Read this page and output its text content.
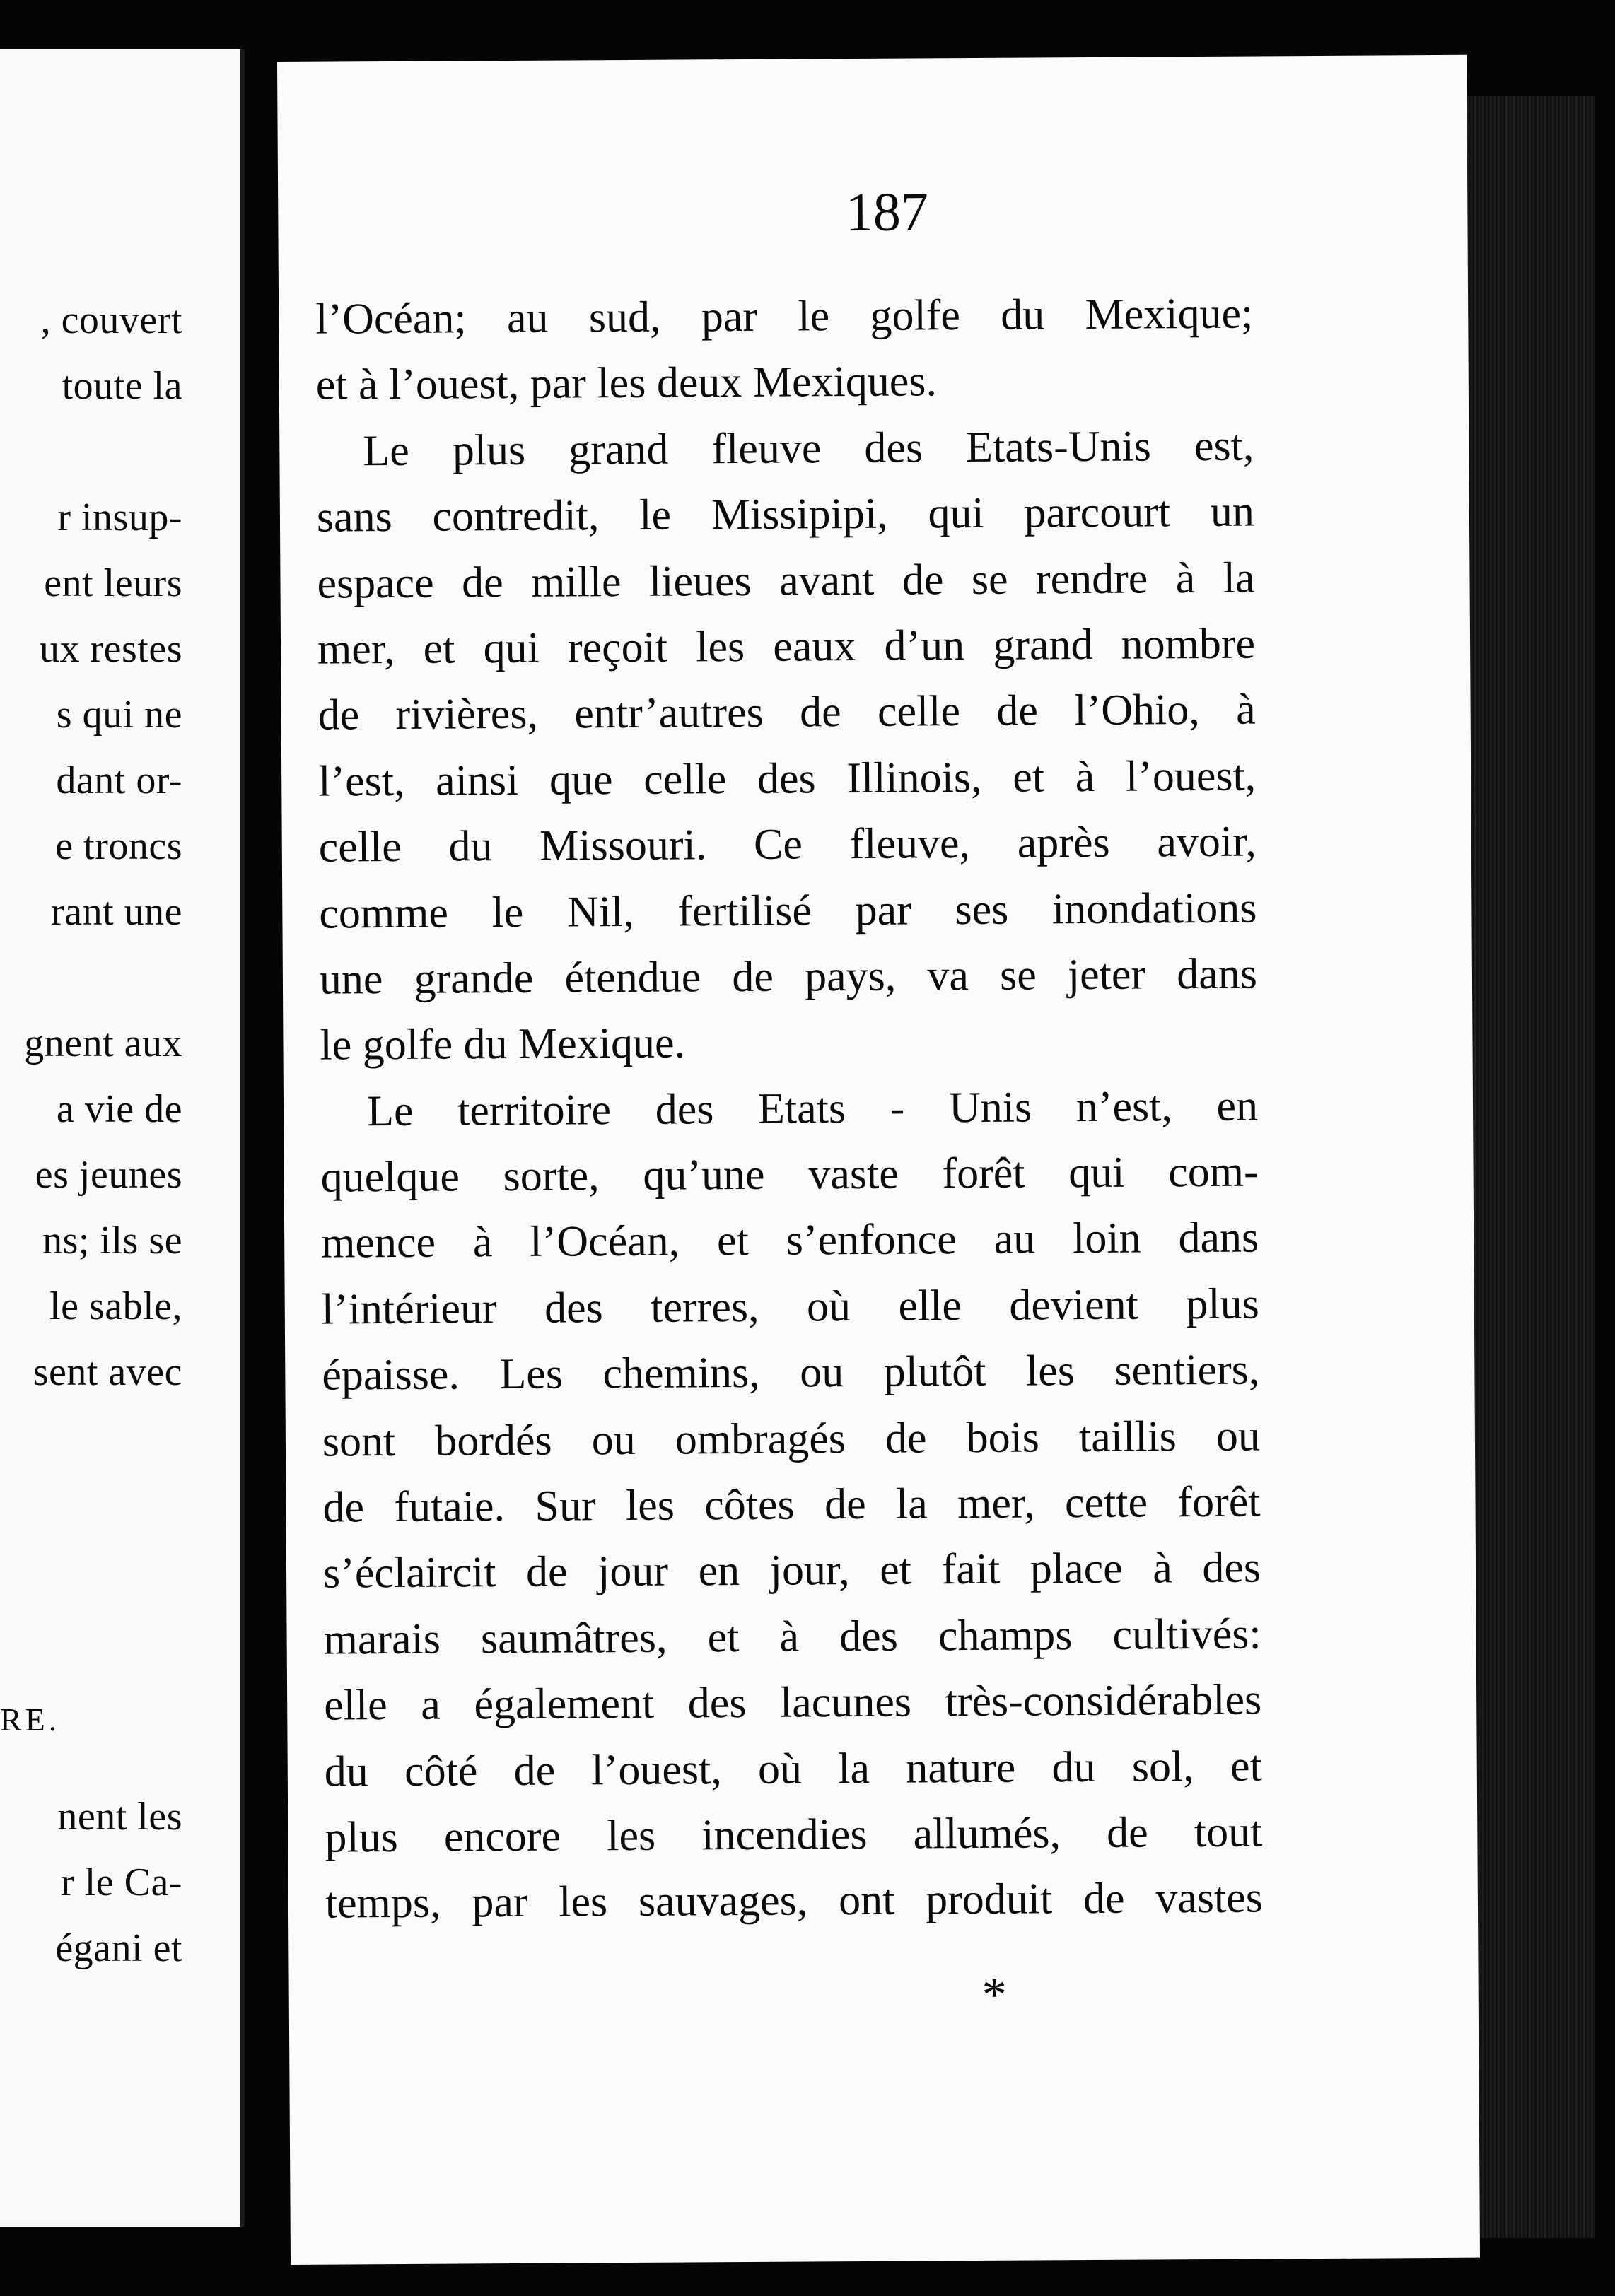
, couvert
toute la
r insup-
ent leurs
ux restes
s qui ne
dant or-
e troncs
rant une
gnent aux
a vie de
es jeunes
ns; ils se
le sable,
sent avec
RE.
nent les
r le Ca-
égani et
187
l’Océan; au sud, par le golfe du Mexique;
et à l’ouest, par les deux Mexiques.
Le plus grand fleuve des Etats-Unis est,
sans contredit, le Missipipi, qui parcourt un
espace de mille lieues avant de se rendre à la
mer, et qui reçoit les eaux d’un grand nombre
de rivières, entr’autres de celle de l’Ohio, à
l’est, ainsi que celle des Illinois, et à l’ouest,
celle du Missouri. Ce fleuve, après avoir,
comme le Nil, fertilisé par ses inondations
une grande étendue de pays, va se jeter dans
le golfe du Mexique.
Le territoire des Etats - Unis n’est, en
quelque sorte, qu’une vaste forêt qui com-
mence à l’Océan, et s’enfonce au loin dans
l’intérieur des terres, où elle devient plus
épaisse. Les chemins, ou plutôt les sentiers,
sont bordés ou ombragés de bois taillis ou
de futaie. Sur les côtes de la mer, cette forêt
s’éclaircit de jour en jour, et fait place à des
marais saumâtres, et à des champs cultivés:
elle a également des lacunes très-considérables
du côté de l’ouest, où la nature du sol, et
plus encore les incendies allumés, de tout
temps, par les sauvages, ont produit de vastes
*
